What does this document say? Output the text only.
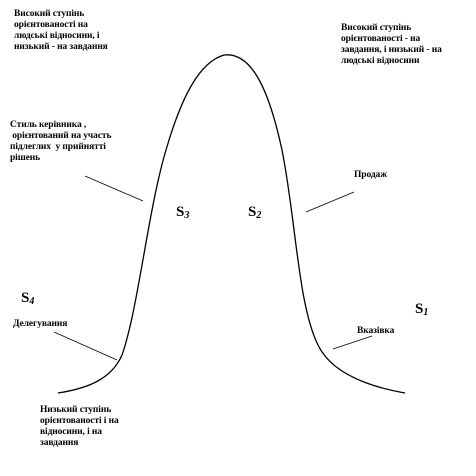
Високий ступінь
орієнтованості на
людські відносини, і
низький - на завдання
Високий ступінь
орієнтованості - на
завдання, і низький - на
людські відносини
Стиль керівника ,
орієнтований на участь
підлеглих  у прийнятті
рішень
Продаж
Делегування
Вказівка
Низький ступінь
орієнтованості і на
відносини, і на
завдання
$S_3$	$S_2$
$S_4$	$S_1$
